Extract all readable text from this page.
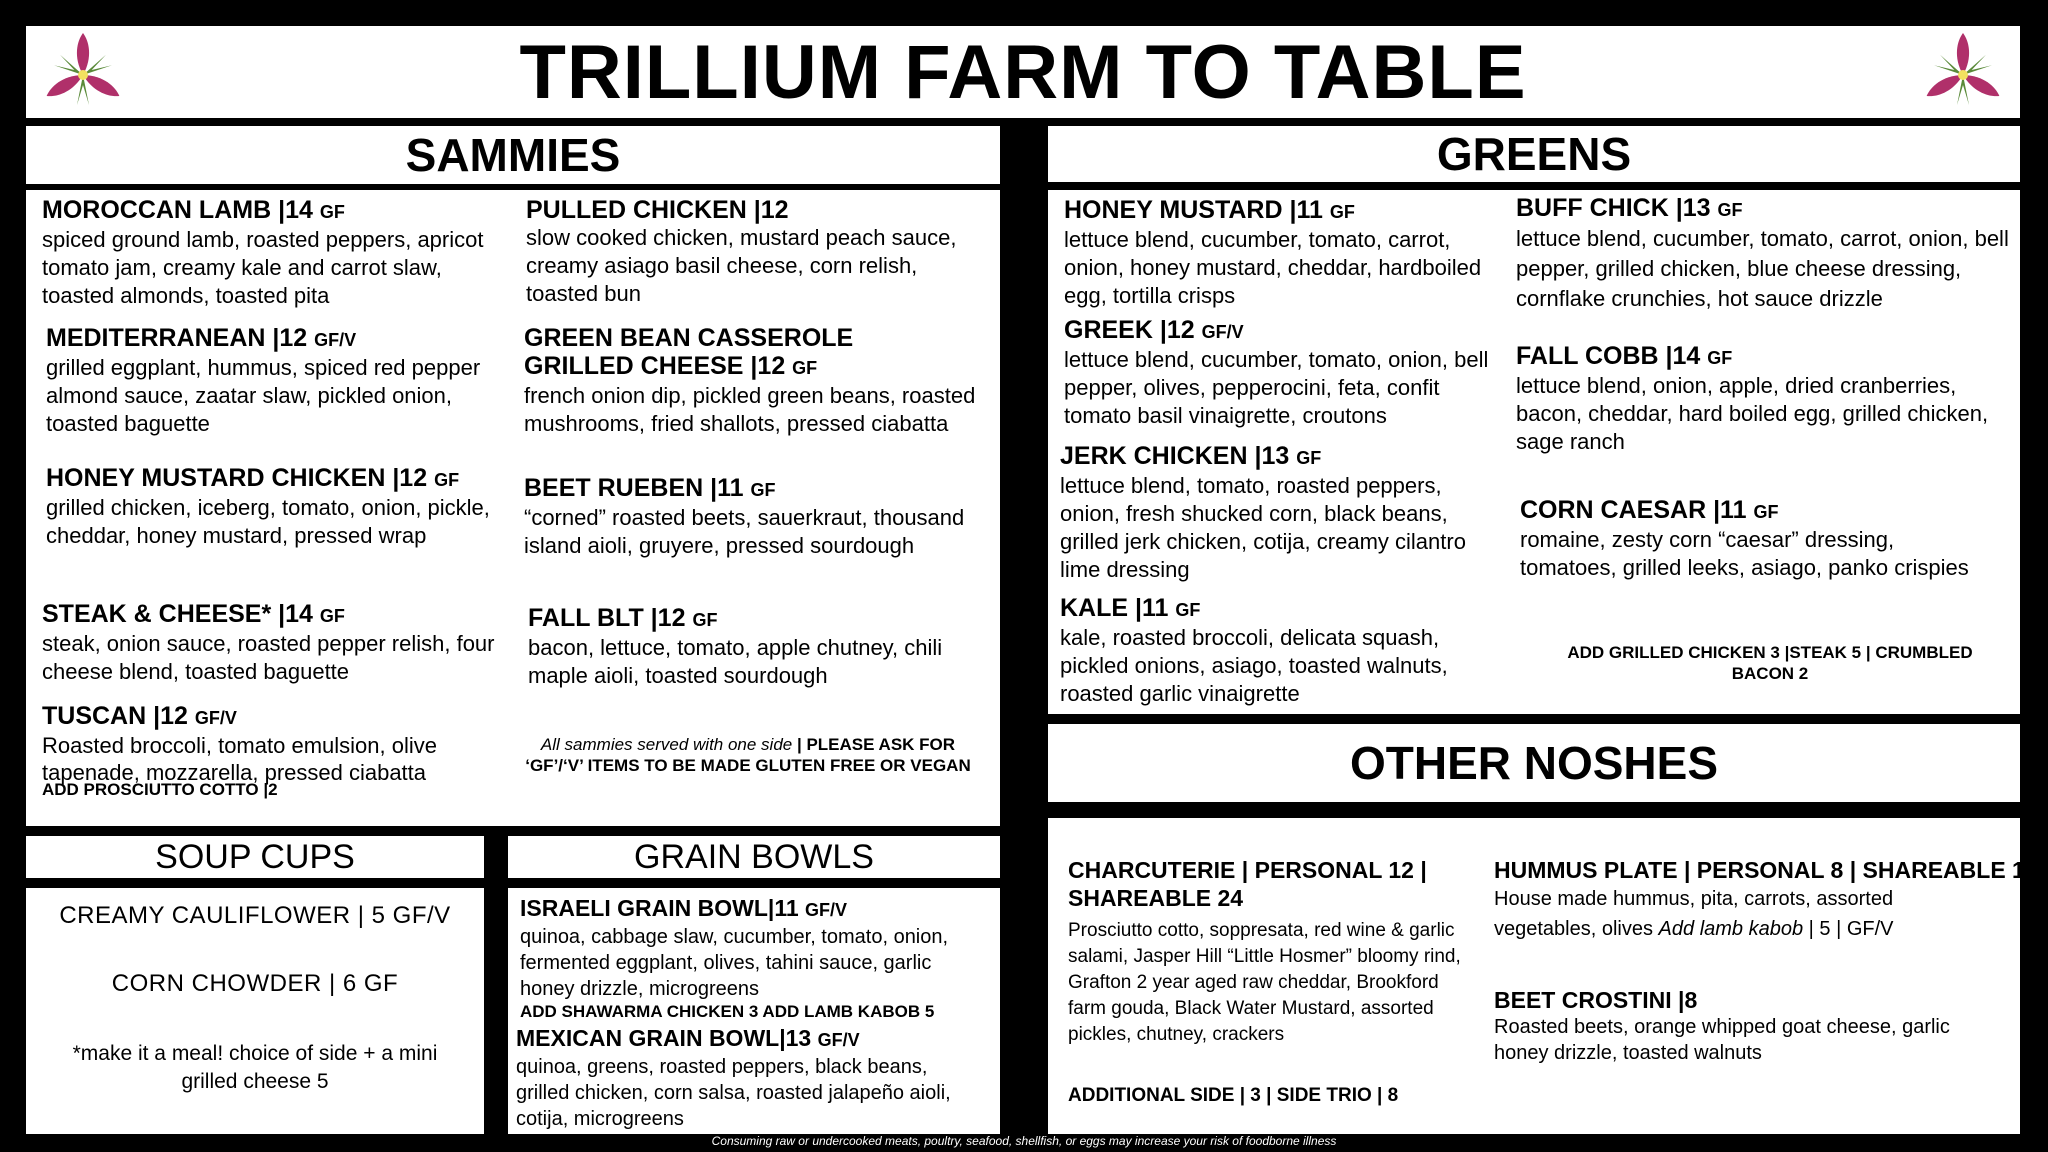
TRILLIUM FARM TO TABLE
SAMMIES
MOROCCAN LAMB |14 GF
spiced ground lamb, roasted peppers, apricot tomato jam, creamy kale and carrot slaw, toasted almonds, toasted pita
MEDITERRANEAN |12 GF/V
grilled eggplant, hummus, spiced red pepper almond sauce, zaatar slaw, pickled onion, toasted baguette
HONEY MUSTARD CHICKEN |12 GF
grilled chicken, iceberg, tomato, onion, pickle, cheddar, honey mustard, pressed wrap
STEAK & CHEESE* |14 GF
steak, onion sauce, roasted pepper relish, four cheese blend, toasted baguette
TUSCAN |12 GF/V
Roasted broccoli, tomato emulsion, olive tapenade, mozzarella, pressed ciabatta
ADD PROSCIUTTO COTTO |2
PULLED CHICKEN |12
slow cooked chicken, mustard peach sauce, creamy asiago basil cheese, corn relish, toasted bun
GREEN BEAN CASSEROLE
GRILLED CHEESE |12 GF
french onion dip, pickled green beans, roasted mushrooms, fried shallots, pressed ciabatta
BEET RUEBEN |11 GF
“corned” roasted beets, sauerkraut, thousand island aioli, gruyere, pressed sourdough
FALL BLT |12 GF
bacon, lettuce, tomato, apple chutney, chili maple aioli, toasted sourdough
All sammies served with one side | PLEASE ASK FOR
‘GF’/‘V’ ITEMS TO BE MADE GLUTEN FREE OR VEGAN
SOUP CUPS
CREAMY CAULIFLOWER | 5 GF/V
CORN CHOWDER | 6 GF
*make it a meal! choice of side + a mini
grilled cheese 5
GRAIN BOWLS
ISRAELI GRAIN BOWL|11 GF/V
quinoa, cabbage slaw, cucumber, tomato, onion, fermented eggplant, olives, tahini sauce, garlic honey drizzle, microgreens
ADD SHAWARMA CHICKEN 3 ADD LAMB KABOB 5
MEXICAN GRAIN BOWL|13 GF/V
quinoa, greens, roasted peppers, black beans, grilled chicken, corn salsa, roasted jalapeño aioli, cotija, microgreens
GREENS
HONEY MUSTARD |11 GF
lettuce blend, cucumber, tomato, carrot, onion, honey mustard, cheddar, hardboiled egg, tortilla crisps
GREEK |12 GF/V
lettuce blend, cucumber, tomato, onion, bell pepper, olives, pepperocini, feta, confit tomato basil vinaigrette, croutons
JERK CHICKEN |13 GF
lettuce blend, tomato, roasted peppers, onion, fresh shucked corn, black beans, grilled jerk chicken, cotija, creamy cilantro lime dressing
KALE |11 GF
kale, roasted broccoli, delicata squash, pickled onions, asiago, toasted walnuts, roasted garlic vinaigrette
BUFF CHICK |13 GF
lettuce blend, cucumber, tomato, carrot, onion, bell pepper, grilled chicken, blue cheese dressing, cornflake crunchies, hot sauce drizzle
FALL COBB |14 GF
lettuce blend, onion, apple, dried cranberries, bacon, cheddar, hard boiled egg, grilled chicken, sage ranch
CORN CAESAR |11 GF
romaine, zesty corn “caesar” dressing, tomatoes, grilled leeks, asiago, panko crispies
ADD GRILLED CHICKEN 3 |STEAK 5 | CRUMBLED
BACON 2
OTHER NOSHES
CHARCUTERIE | PERSONAL 12 |
SHAREABLE 24
Prosciutto cotto, soppresata, red wine & garlic salami, Jasper Hill “Little Hosmer” bloomy rind, Grafton 2 year aged raw cheddar, Brookford farm gouda, Black Water Mustard, assorted pickles, chutney, crackers
ADDITIONAL SIDE | 3 | SIDE TRIO | 8
HUMMUS PLATE | PERSONAL 8 | SHAREABLE 16
House made hummus, pita, carrots, assorted
vegetables, olives Add lamb kabob | 5 | GF/V
BEET CROSTINI |8
Roasted beets, orange whipped goat cheese, garlic honey drizzle, toasted walnuts
Consuming raw or undercooked meats, poultry, seafood, shellfish, or eggs may increase your risk of foodborne illness
